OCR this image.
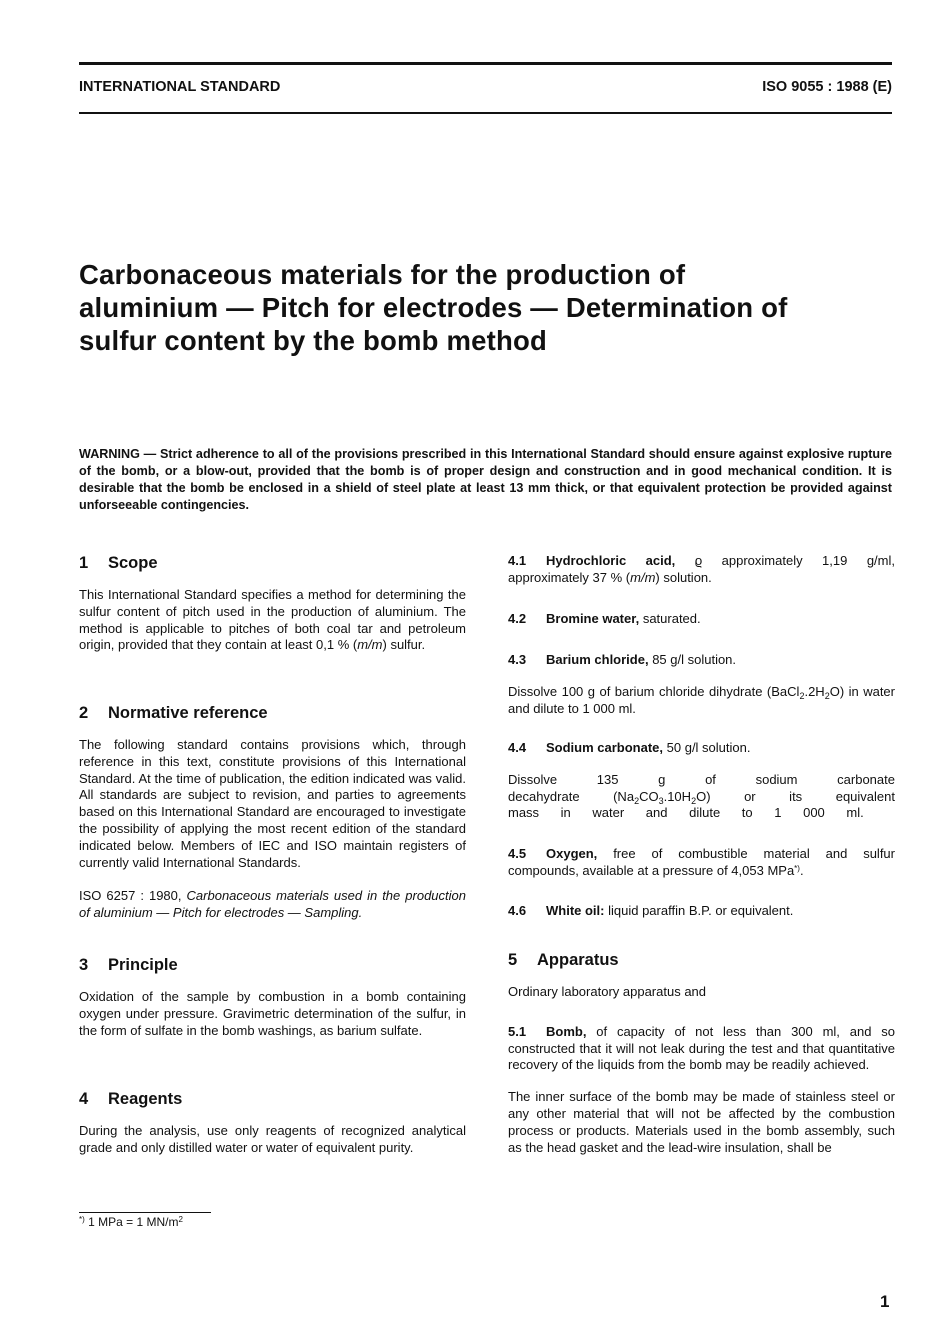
INTERNATIONAL STANDARD	ISO 9055 : 1988 (E)
Carbonaceous materials for the production of
aluminium — Pitch for electrodes — Determination of
sulfur content by the bomb method
WARNING — Strict adherence to all of the provisions prescribed in this International Standard should ensure against explosive rupture of the bomb, or a blow-out, provided that the bomb is of proper design and construction and in good mechanical condition. It is desirable that the bomb be enclosed in a shield of steel plate at least 13 mm thick, or that equivalent protection be provided against unforseeable contingencies.
1 Scope

This International Standard specifies a method for determining the sulfur content of pitch used in the production of aluminium. The method is applicable to pitches of both coal tar and petroleum origin, provided that they contain at least 0,1 % (m/m) sulfur.

2 Normative reference

The following standard contains provisions which, through reference in this text, constitute provisions of this International Standard. At the time of publication, the edition indicated was valid. All standards are subject to revision, and parties to agreements based on this International Standard are encouraged to investigate the possibility of applying the most recent edition of the standard indicated below. Members of IEC and ISO maintain registers of currently valid International Standards.

ISO 6257 : 1980, Carbonaceous materials used in the production of aluminium — Pitch for electrodes — Sampling.

3 Principle

Oxidation of the sample by combustion in a bomb containing oxygen under pressure. Gravimetric determination of the sulfur, in the form of sulfate in the bomb washings, as barium sulfate.

4 Reagents

During the analysis, use only reagents of recognized analytical grade and only distilled water or water of equivalent purity.

*) 1 MPa = 1 $MN/m^2$

4.1 Hydrochloric acid, ϱ approximately 1,19 g/ml, approximately 37 % (m/m) solution.

4.2 Bromine water, saturated.

4.3 Barium chloride, 85 g/l solution.

Dissolve 100 g of barium chloride dihydrate $(BaCl_2.2H_2O)$ in water and dilute to 1 000 ml.

4.4 Sodium carbonate, 50 g/l solution.

Dissolve 135 g of sodium carbonate decahydrate $(Na_2CO_3.10H_2O)$ or its equivalent mass in water and dilute to 1 000 ml.

4.5 Oxygen, free of combustible material and sulfur compounds, available at a pressure of 4,053 MPa*).

4.6 White oil: liquid paraffin B.P. or equivalent.

5 Apparatus

Ordinary laboratory apparatus and

5.1 Bomb, of capacity of not less than 300 ml, and so constructed that it will not leak during the test and that quantitative recovery of the liquids from the bomb may be readily achieved.

The inner surface of the bomb may be made of stainless steel or any other material that will not be affected by the combustion process or products. Materials used in the bomb assembly, such as the head gasket and the lead-wire insulation, shall be

1
